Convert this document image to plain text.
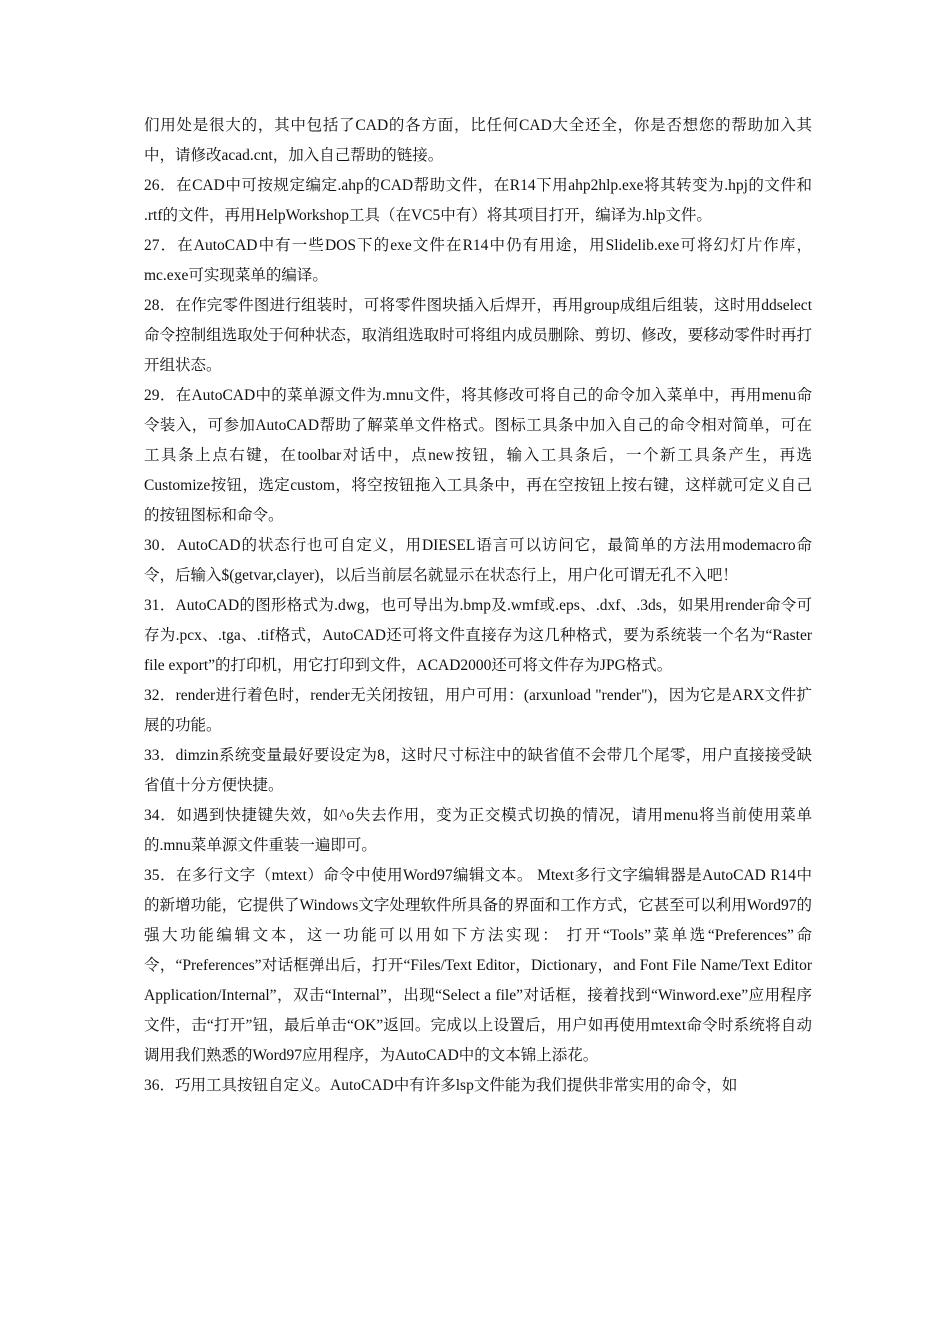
们用处是很大的，其中包括了CAD的各方面，比任何CAD大全还全，你是否想您的帮助加入其中，请修改acad.cnt，加入自己帮助的链接。

26．在CAD中可按规定编定.ahp的CAD帮助文件，在R14下用ahp2hlp.exe将其转变为.hpj的文件和 .rtf的文件，再用HelpWorkshop工具（在VC5中有）将其项目打开，编译为.hlp文件。

27．在AutoCAD中有一些DOS下的exe文件在R14中仍有用途，用Slidelib.exe可将幻灯片作库，mc.exe可实现菜单的编译。

28．在作完零件图进行组装时，可将零件图块插入后焊开，再用group成组后组装，这时用ddselect命令控制组选取处于何种状态，取消组选取时可将组内成员删除、剪切、修改，要移动零件时再打开组状态。

29．在AutoCAD中的菜单源文件为.mnu文件，将其修改可将自己的命令加入菜单中，再用menu命令装入，可参加AutoCAD帮助了解菜单文件格式。图标工具条中加入自己的命令相对简单，可在工具条上点右键，在toolbar对话中，点new按钮，输入工具条后，一个新工具条产生，再选Customize按钮，选定custom，将空按钮拖入工具条中，再在空按钮上按右键，这样就可定义自己的按钮图标和命令。

30．AutoCAD的状态行也可自定义，用DIESEL语言可以访问它，最简单的方法用modemacro命令，后输入$(getvar,clayer)，以后当前层名就显示在状态行上，用户化可谓无孔不入吧！

31．AutoCAD的图形格式为.dwg，也可导出为.bmp及.wmf或.eps、.dxf、.3ds，如果用render命令可存为.pcx、.tga、.tif格式，AutoCAD还可将文件直接存为这几种格式，要为系统装一个名为“Raster file export”的打印机，用它打印到文件，ACAD2000还可将文件存为JPG格式。

32．render进行着色时，render无关闭按钮，用户可用：(arxunload "render")，因为它是ARX文件扩展的功能。

33．dimzin系统变量最好要设定为8，这时尺寸标注中的缺省值不会带几个尾零，用户直接接受缺省值十分方便快捷。

34．如遇到快捷键失效，如^o失去作用，变为正交模式切换的情况，请用menu将当前使用菜单的.mnu菜单源文件重装一遍即可。

35．在多行文字（mtext）命令中使用Word97编辑文本。 Mtext多行文字编辑器是AutoCAD R14中的新增功能，它提供了Windows文字处理软件所具备的界面和工作方式，它甚至可以利用Word97的强大功能编辑文本，这一功能可以用如下方法实现： 打开“Tools”菜单选“Preferences”命令，“Preferences”对话框弹出后，打开“Files/Text Editor，Dictionary，and Font File Name/Text Editor Application/Internal”，双击“Internal”，出现“Select a file”对话框，接着找到“Winword.exe”应用程序文件，击“打开”钮，最后单击“OK”返回。完成以上设置后，用户如再使用mtext命令时系统将自动调用我们熟悉的Word97应用程序，为AutoCAD中的文本锦上添花。

36．巧用工具按钮自定义。AutoCAD中有许多lsp文件能为我们提供非常实用的命令，如
